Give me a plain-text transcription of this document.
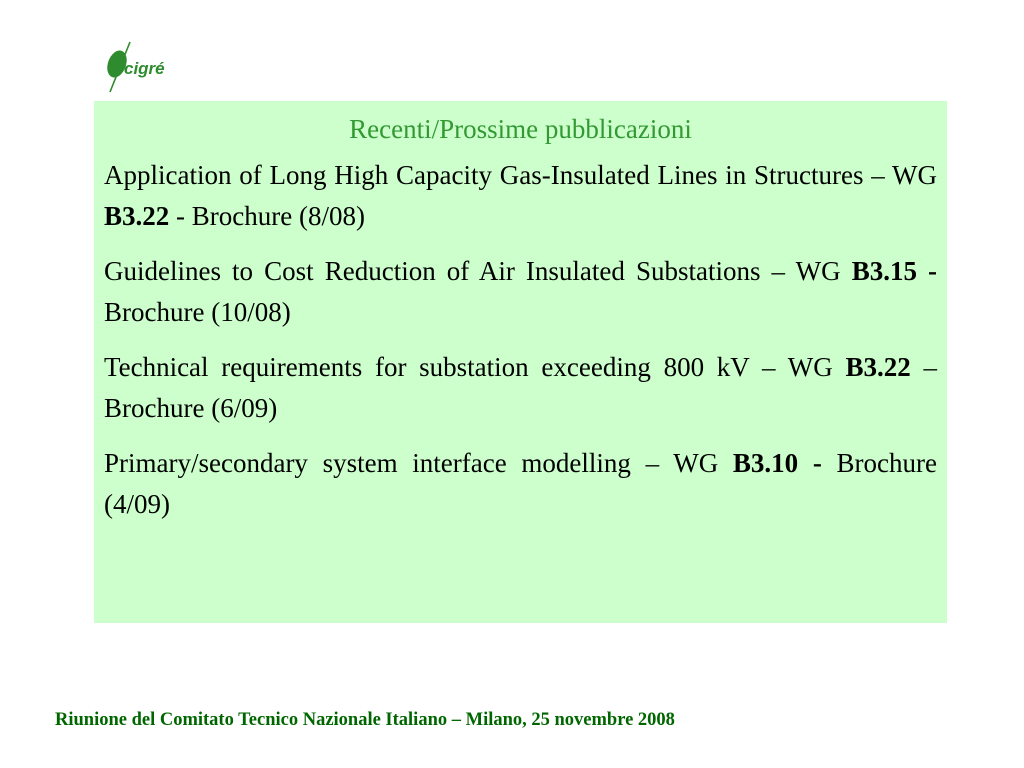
cigré

Recenti/Prossime pubblicazioni

Application of Long High Capacity Gas-Insulated Lines in Structures – WG B3.22 - Brochure (8/08)

Guidelines to Cost Reduction of Air Insulated Substations – WG B3.15 - Brochure (10/08)

Technical requirements for substation exceeding 800 kV – WG B3.22 –Brochure (6/09)

Primary/secondary system interface modelling – WG B3.10 - Brochure (4/09)

Riunione del Comitato Tecnico Nazionale Italiano – Milano, 25 novembre 2008
